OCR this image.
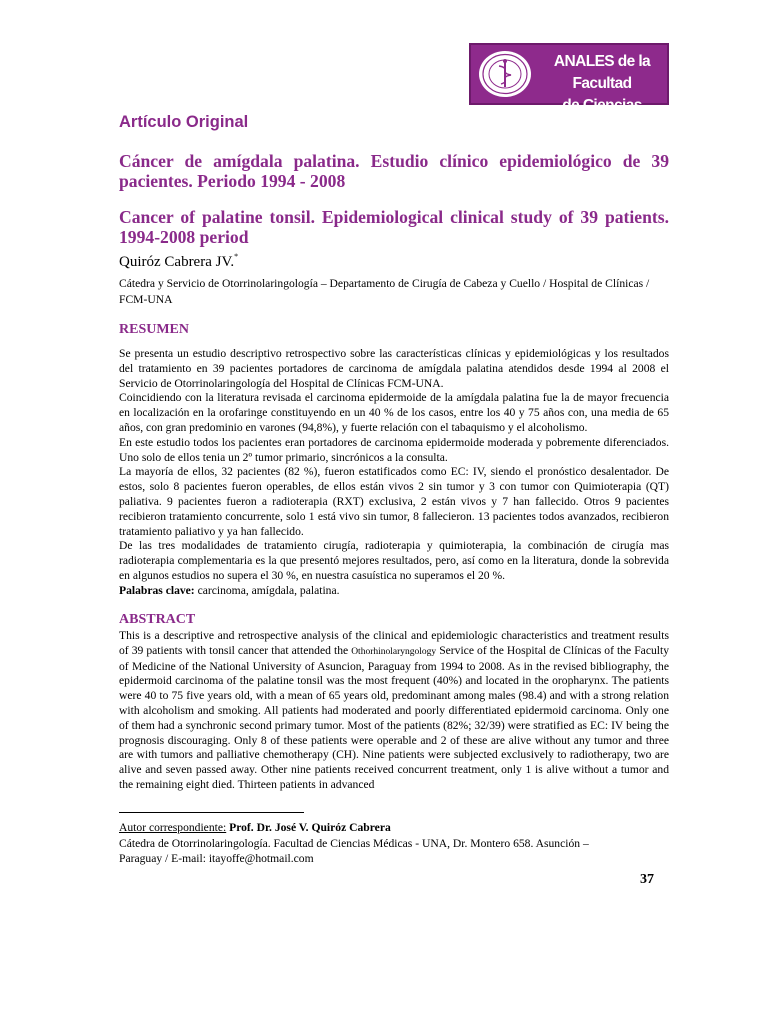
ANALES de la Facultad
de Ciencias Médicas
Artículo Original
Cáncer de amígdala palatina. Estudio clínico epidemiológico de 39 pacientes. Periodo 1994 - 2008
Cancer of palatine tonsil. Epidemiological clinical study of 39 patients. 1994-2008 period
Quiróz Cabrera JV.*
Cátedra y Servicio de Otorrinolaringología – Departamento de Cirugía de Cabeza y Cuello / Hospital de Clínicas / FCM-UNA
RESUMEN

Se presenta un estudio descriptivo retrospectivo sobre las características clínicas y epidemiológicas y los resultados del tratamiento en 39 pacientes portadores de carcinoma de amígdala palatina atendidos desde 1994 al 2008 el Servicio de Otorrinolaringología del Hospital de Clínicas FCM-UNA.

Coincidiendo con la literatura revisada el carcinoma epidermoide de la amígdala palatina fue la de mayor frecuencia en localización en la orofaringe constituyendo en un 40 % de los casos, entre los 40 y 75 años con, una media de 65 años, con gran predominio en varones (94,8%), y fuerte relación con el tabaquismo y el alcoholismo.

En este estudio todos los pacientes eran portadores de carcinoma epidermoide moderada y pobremente diferenciados. Uno solo de ellos tenia un 2º tumor primario, sincrónicos a la consulta.

La mayoría de ellos, 32 pacientes (82 %), fueron estatificados como EC: IV, siendo el pronóstico desalentador. De estos, solo 8 pacientes fueron operables, de ellos están vivos 2 sin tumor y 3 con tumor con Quimioterapia (QT) paliativa. 9 pacientes fueron a radioterapia (RXT) exclusiva, 2 están vivos y 7 han fallecido. Otros 9 pacientes recibieron tratamiento concurrente, solo 1 está vivo sin tumor, 8 fallecieron. 13 pacientes todos avanzados, recibieron tratamiento paliativo y ya han fallecido.

De las tres modalidades de tratamiento cirugía, radioterapia y quimioterapia, la combinación de cirugía mas radioterapia complementaria es la que presentó mejores resultados, pero, así como en la literatura, donde la sobrevida en algunos estudios no supera el 30 %, en nuestra casuística no superamos el 20 %.

Palabras clave: carcinoma, amígdala, palatina.

ABSTRACT

This is a descriptive and retrospective analysis of the clinical and epidemiologic characteristics and treatment results of 39 patients with tonsil cancer that attended the Othorhinolaryngology Service of the Hospital de Clínicas of the Faculty of Medicine of the National University of Asuncion, Paraguay from 1994 to 2008. As in the revised bibliography, the epidermoid carcinoma of the palatine tonsil was the most frequent (40%) and located in the oropharynx. The patients were 40 to 75 five years old, with a mean of 65 years old, predominant among males (98.4) and with a strong relation with alcoholism and smoking. All patients had moderated and poorly differentiated epidermoid carcinoma. Only one of them had a synchronic second primary tumor. Most of the patients (82%; 32/39) were stratified as EC: IV being the prognosis discouraging. Only 8 of these patients were operable and 2 of these are alive without any tumor and three are with tumors and palliative chemotherapy (CH). Nine patients were subjected exclusively to radiotherapy, two are alive and seven passed away. Other nine patients received concurrent treatment, only 1 is alive without a tumor and the remaining eight died. Thirteen patients in advanced

Autor correspondiente: Prof. Dr. José V. Quiróz Cabrera
Cátedra de Otorrinolaringología. Facultad de Ciencias Médicas - UNA, Dr. Montero 658. Asunción –
Paraguay / E-mail: itayoffe@hotmail.com
37
